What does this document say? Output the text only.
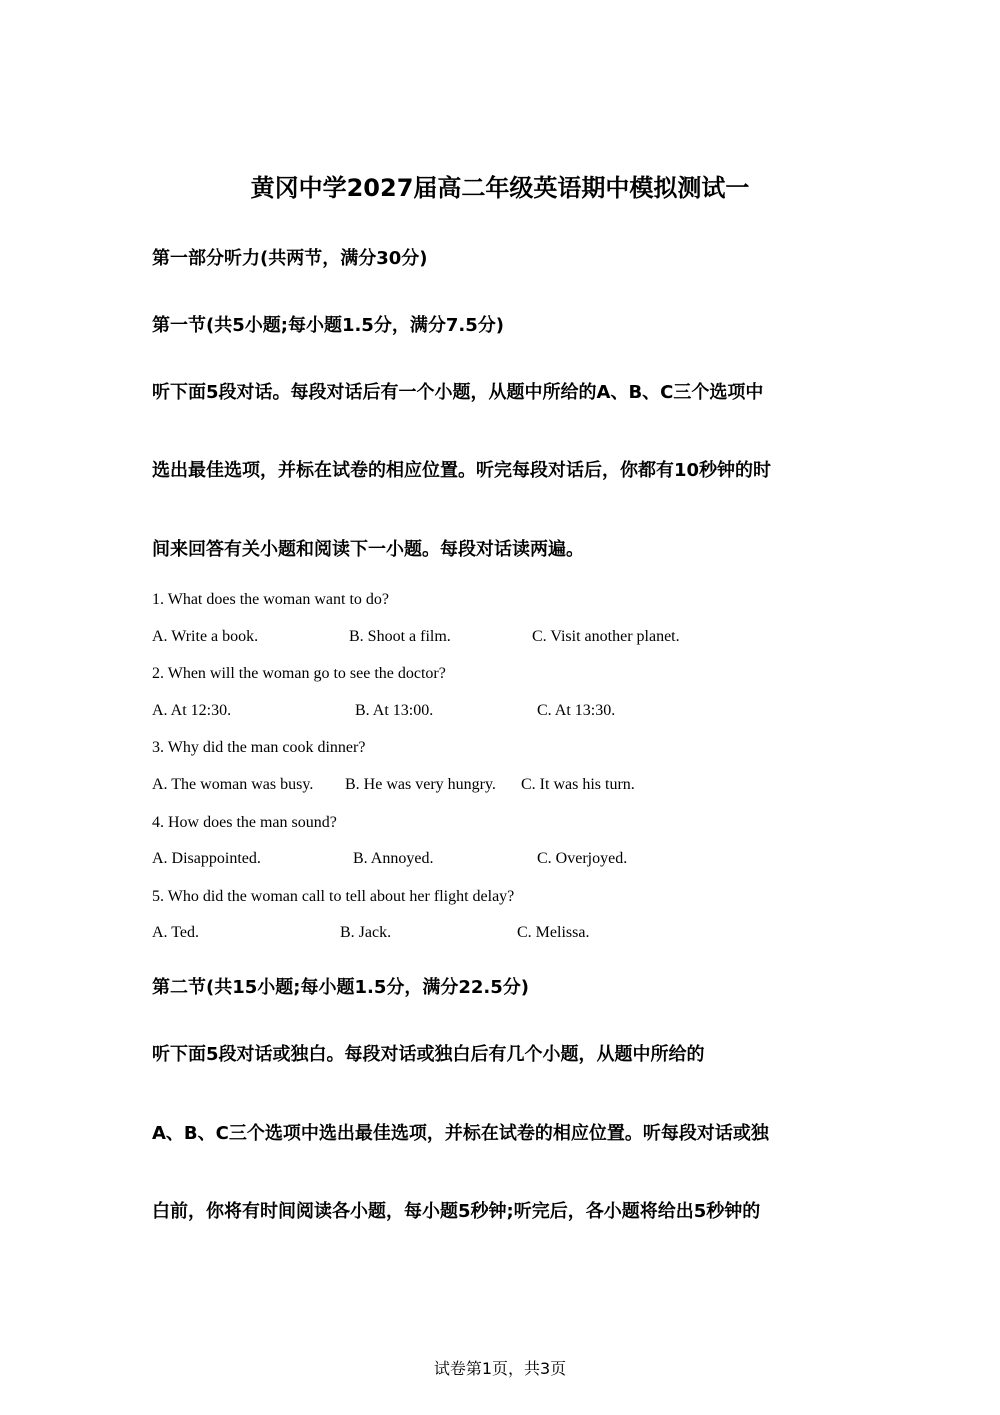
黄冈中学2027届高二年级英语期中模拟测试一
第一部分听力(共两节，满分30分)
第一节(共5小题;每小题1.5分，满分7.5分)
听下面5段对话。每段对话后有一个小题，从题中所给的A、B、C三个选项中
选出最佳选项，并标在试卷的相应位置。听完每段对话后，你都有10秒钟的时
间来回答有关小题和阅读下一小题。每段对话读两遍。
1. What does the woman want to do?
A. Write a book.	B. Shoot a film.	C. Visit another planet.
2. When will the woman go to see the doctor?
A. At 12:30.	B. At 13:00.	C. At 13:30.
3. Why did the man cook dinner?
A. The woman was busy. B. He was very hungry. C. It was his turn.
4. How does the man sound?
A. Disappointed.	B. Annoyed.	C. Overjoyed.
5. Who did the woman call to tell about her flight delay?
A. Ted.	B. Jack.	C. Melissa.
第二节(共15小题;每小题1.5分，满分22.5分)
听下面5段对话或独白。每段对话或独白后有几个小题，从题中所给的
A、B、C三个选项中选出最佳选项，并标在试卷的相应位置。听每段对话或独
白前，你将有时间阅读各小题，每小题5秒钟;听完后，各小题将给出5秒钟的
试卷第1页，共3页
